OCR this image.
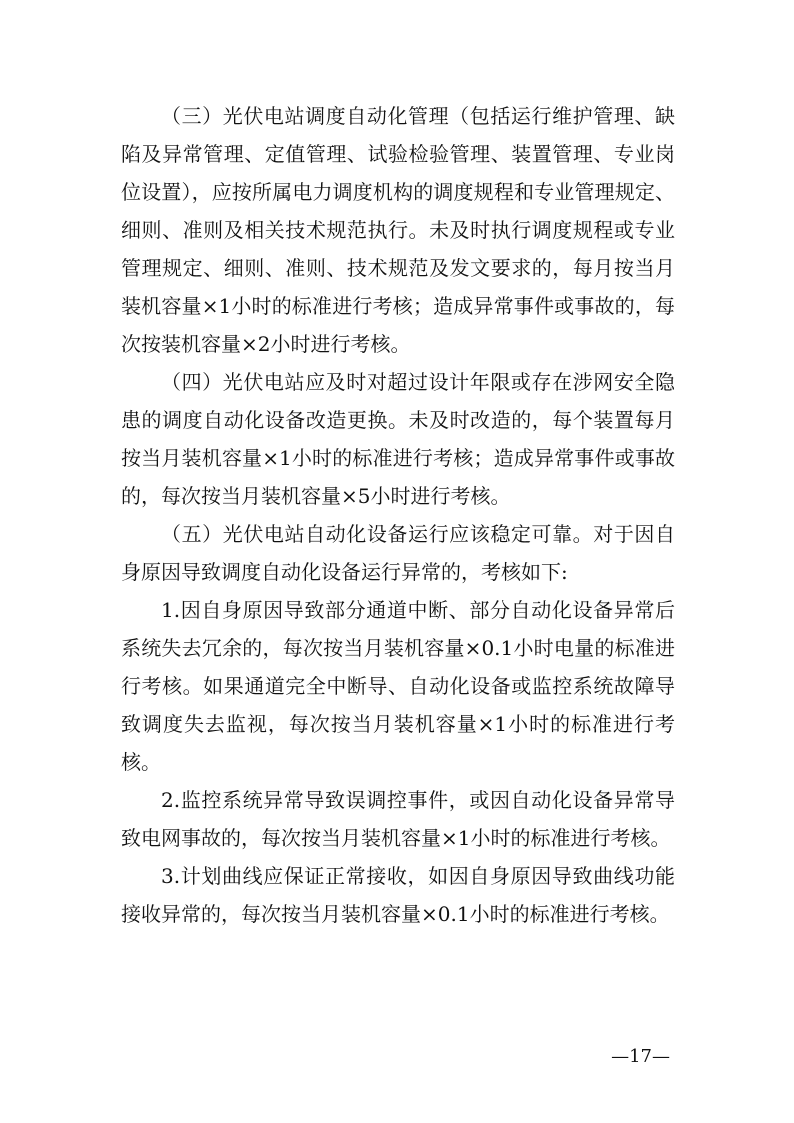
（三）光伏电站调度自动化管理（包括运行维护管理、缺陷及异常管理、定值管理、试验检验管理、装置管理、专业岗位设置），应按所属电力调度机构的调度规程和专业管理规定、细则、准则及相关技术规范执行。未及时执行调度规程或专业管理规定、细则、准则、技术规范及发文要求的，每月按当月装机容量×1小时的标准进行考核；造成异常事件或事故的，每次按装机容量×2小时进行考核。

（四）光伏电站应及时对超过设计年限或存在涉网安全隐患的调度自动化设备改造更换。未及时改造的，每个装置每月按当月装机容量×1小时的标准进行考核；造成异常事件或事故的，每次按当月装机容量×5小时进行考核。

（五）光伏电站自动化设备运行应该稳定可靠。对于因自身原因导致调度自动化设备运行异常的，考核如下:

1.因自身原因导致部分通道中断、部分自动化设备异常后系统失去冗余的，每次按当月装机容量×0.1小时电量的标准进行考核。如果通道完全中断导、自动化设备或监控系统故障导致调度失去监视，每次按当月装机容量×1小时的标准进行考核。

2.监控系统异常导致误调控事件，或因自动化设备异常导致电网事故的，每次按当月装机容量×1小时的标准进行考核。

3.计划曲线应保证正常接收，如因自身原因导致曲线功能接收异常的，每次按当月装机容量×0.1小时的标准进行考核。

—17—
